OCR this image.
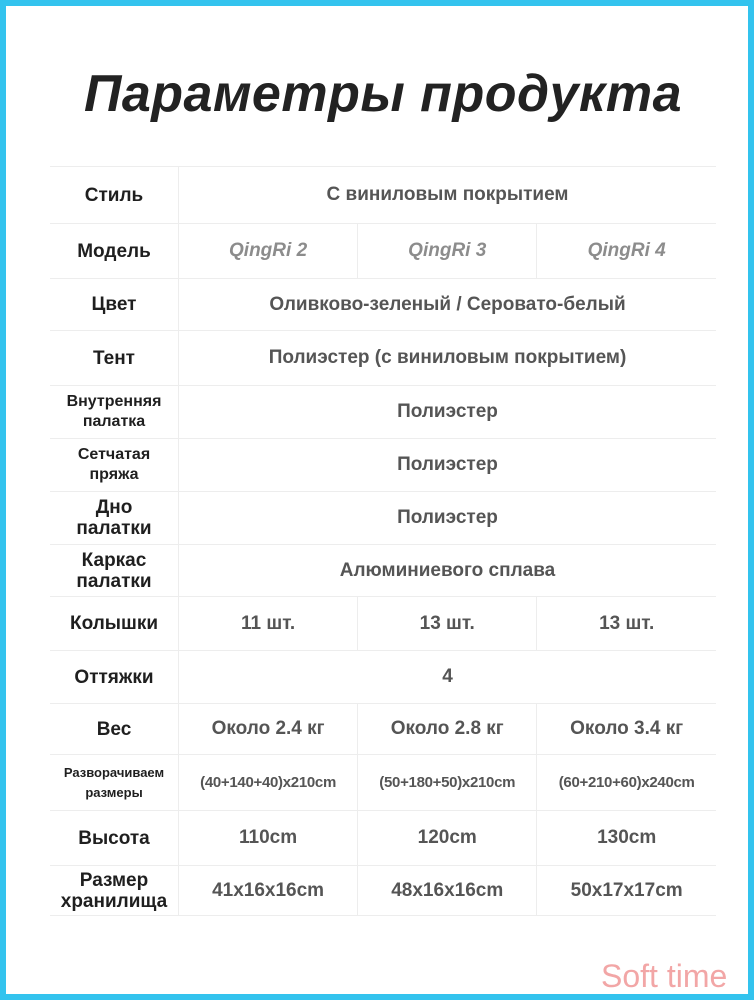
Параметры продукта
Стиль	С виниловым покрытием		
Модель	QingRi 2	QingRi 3	QingRi 4
Цвет	Оливково-зеленый / Серовато-белый		
Тент	Полиэстер (с виниловым покрытием)		

Внутренняя
палатка	Полиэстер		

Сетчатая
пряжа	Полиэстер		

Дно
палатки	Полиэстер		

Каркас
палатки	Алюминиевого сплава		
Колышки	11 шт.	13 шт.	13 шт.
Оттяжки	4		
Вес	Около 2.4 кг	Около 2.8 кг	Около 3.4 кг

Разворачиваем
размеры	(40+140+40)x210cm	(50+180+50)x210cm	(60+210+60)x240cm
Высота	110cm	120cm	130cm

Размер
хранилища	41x16x16cm	48x16x16cm	50x17x17cm
Soft time
